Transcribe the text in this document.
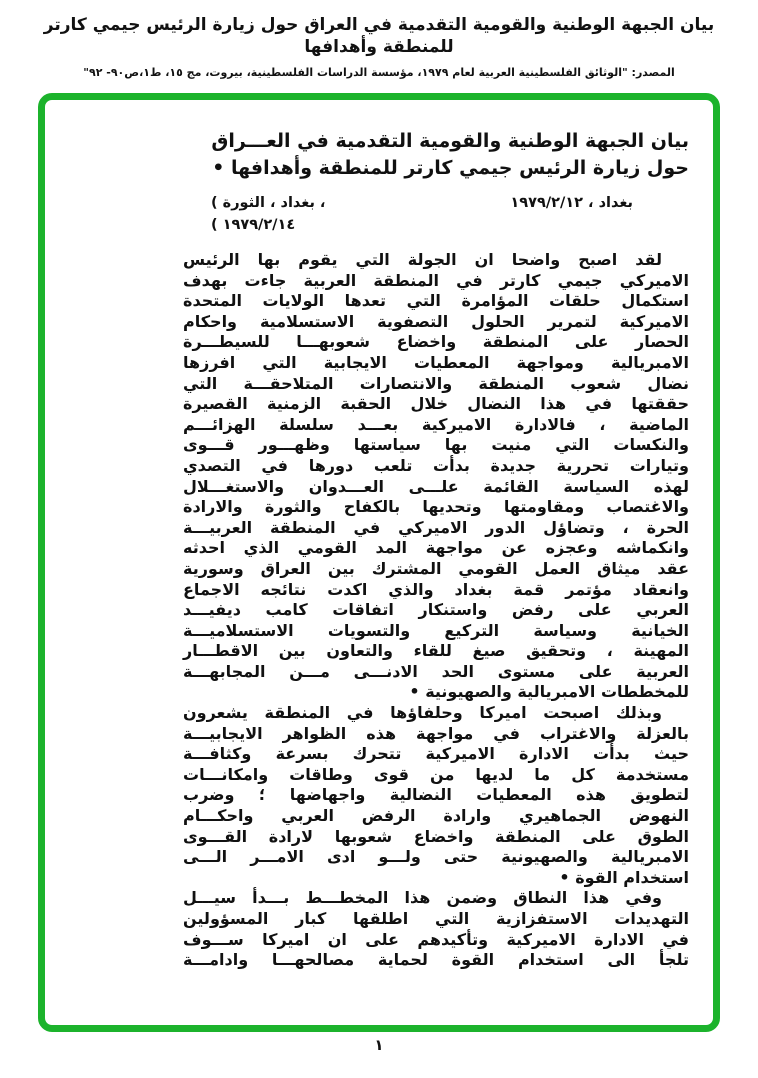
بيان الجبهة الوطنية والقومية التقدمية في العراق حول زيارة الرئيس جيمي كارتر للمنطقة وأهدافها
المصدر: "الوثائق الفلسطينية العربية لعام ١٩٧٩، مؤسسة الدراسات الفلسطينية، بيروت، مج ١٥، ط١،ص٩٠- ٩٢"
بيان الجبهة الوطنية والقومية التقدمية في العـــراق
حول زيارة الرئيس جيمي كارتر للمنطقة وأهدافها •
( الثورة ، بغداد ،
( ١٩٧٩/٢/١٤
بغداد ، ١٩٧٩/٢/١٢
لقد اصبح واضحا ان الجولة التي يقوم بها الرئيس
الاميركي جيمي كارتر في المنطقة العربية جاءت بهدف
استكمال حلقات المؤامرة التي تعدها الولايات المتحدة
الاميركية لتمرير الحلول التصفوية الاستسلامية واحكام
الحصار على المنطقة واخضاع شعوبهـــا للسيطـــرة
الامبريالية ومواجهة المعطيات الايجابية التي افرزها
نضال شعوب المنطقة والانتصارات المتلاحقـــة التي
حققتها في هذا النضال خلال الحقبة الزمنية القصيرة
الماضية ، فالادارة الاميركية بعـــد سلسلة الهزائـــم
والنكسات التي منيت بها سياستها وظهـــور قـــوى
وتيارات تحررية جديدة بدأت تلعب دورها في التصدي
لهذه السياسة القائمة علـــى العـــدوان والاستغـــلال
والاغتصاب ومقاومتها وتحديها بالكفاح والثورة والارادة
الحرة ، وتضاؤل الدور الاميركي في المنطقة العربيـــة
وانكماشه وعجزه عن مواجهة المد القومي الذي احدثه
عقد ميثاق العمل القومي المشترك بين العراق وسورية
وانعقاد مؤتمر قمة بغداد والذي اكدت نتائجه الاجماع
العربي على رفض واستنكار اتفاقات كامب ديفيـــد
الخيانية وسياسة التركيع والتسويات الاستسلاميـــة
المهينة ، وتحقيق صيغ للقاء والتعاون بين الاقطـــار
العربية على مستوى الحد الادنـــى مـــن المجابهـــة
للمخططات الامبريالية والصهيونية •
وبذلك اصبحت اميركا وحلفاؤها في المنطقة يشعرون
بالعزلة والاغتراب في مواجهة هذه الظواهر الايجابيـــة
حيث بدأت الادارة الاميركية تتحرك بسرعة وكثافـــة
مستخدمة كل ما لديها من قوى وطاقات وامكانـــات
لتطويق هذه المعطيات النضالية واجهاضها ؛ وضرب
النهوض الجماهيري وارادة الرفض العربي واحكـــام
الطوق على المنطقة واخضاع شعوبها لارادة القـــوى
الامبريالية والصهيونية حتى ولـــو ادى الامـــر الـــى
استخدام القوة •
وفي هذا النطاق وضمن هذا المخطـــط بـــدأ سيـــل
التهديدات الاستفزازية التي اطلقها كبار المسؤولين
في الادارة الاميركية وتأكيدهم على ان اميركا ســـوف
تلجأ الى استخدام القوة لحماية مصالحهـــا وادامـــة
١
